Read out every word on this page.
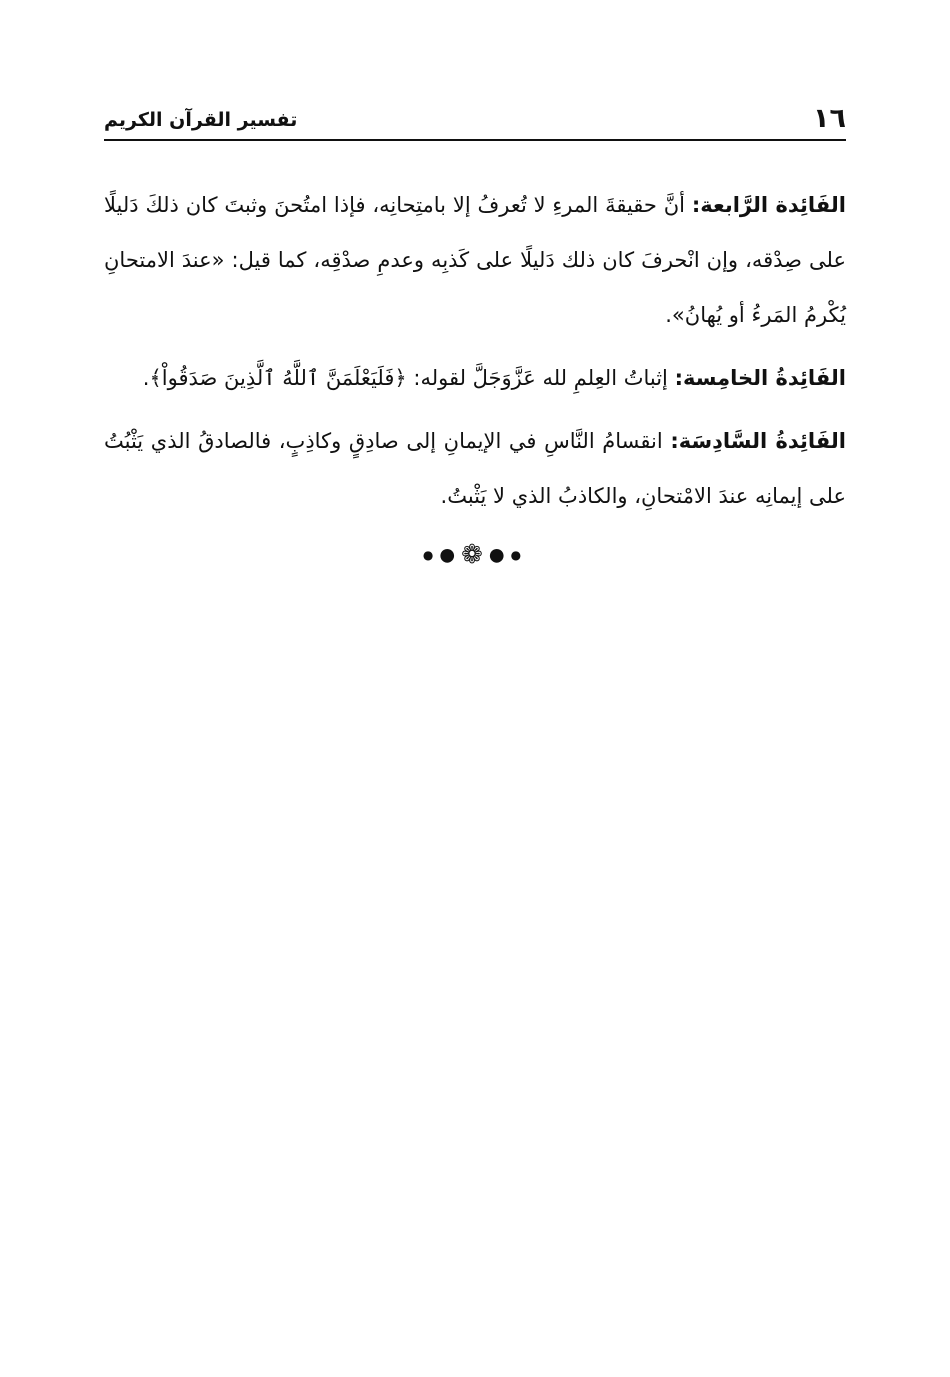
١٦
تفسير القرآن الكريم

الفَائِدة الرَّابعة: أنَّ حقيقةَ المرءِ لا تُعرفُ إلا بامتِحانِه، فإذا امتُحنَ وثبتَ كان ذلكَ دَليلًا على صِدْقه، وإن انْحرفَ كان ذلك دَليلًا على كَذبِه وعدمِ صدْقِه، كما قيل: «عندَ الامتحانِ يُكْرمُ المَرءُ أو يُهانُ».

الفَائِدةُ الخامِسة: إثباتُ العِلمِ لله عَزَّوَجَلَّ لقوله: ﴿فَلَيَعْلَمَنَّ ٱللَّهُ ٱلَّذِينَ صَدَقُواْ﴾.

الفَائِدةُ السَّادِسَة: انقسامُ النَّاسِ في الإيمانِ إلى صادِقٍ وكاذِبٍ، فالصادقُ الذي يَثْبُتُ على إيمانِه عندَ الامْتحانِ، والكاذبُ الذي لا يَثْبتُ.

●●❁●●
